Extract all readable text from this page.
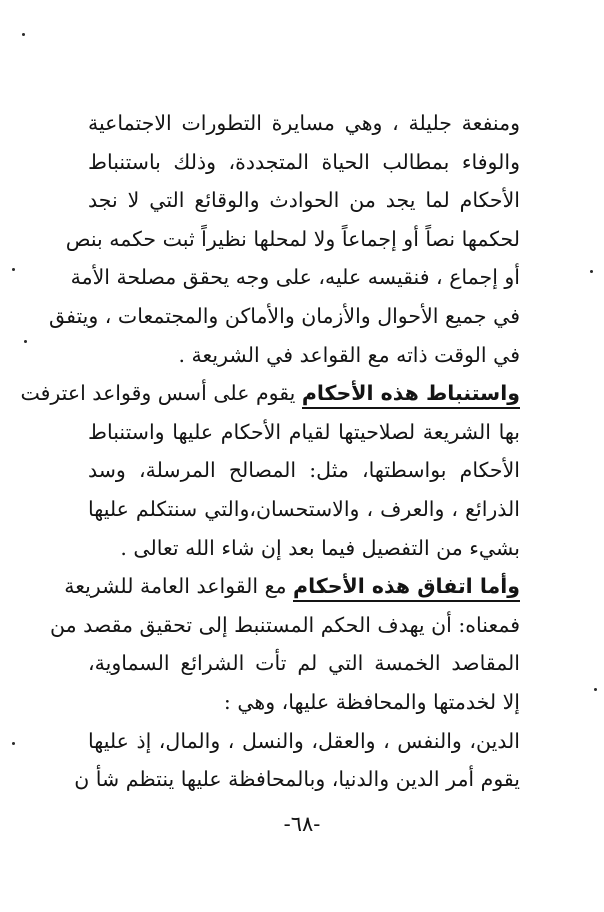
ومنفعة جليلة ، وهي مسايرة التطورات الاجتماعية
والوفاء بمطالب الحياة المتجددة، وذلك باستنباط
الأحكام لما يجد من الحوادث والوقائع التي لا نجد
لحكمها نصاً أو إجماعاً ولا لمحلها نظيراً ثبت حكمه بنص
أو إجماع ، فنقيسه عليه، على وجه يحقق مصلحة الأمة
في جميع الأحوال والأزمان والأماكن والمجتمعات ، ويتفق
في الوقت ذاته مع القواعد في الشريعة .
واستنباط هذه الأحكام يقوم على أسس وقواعد اعترفت
بها الشريعة لصلاحيتها لقيام الأحكام عليها واستنباط
الأحكام بواسطتها، مثل: المصالح المرسلة، وسد
الذرائع ، والعرف ، والاستحسان،والتي سنتكلم عليها
بشيء من التفصيل فيما بعد إن شاء الله تعالى .
وأما اتفاق هذه الأحكام مع القواعد العامة للشريعة
فمعناه: أن يهدف الحكم المستنبط إلى تحقيق مقصد من
المقاصد الخمسة التي لم تأت الشرائع السماوية،
إلا لخدمتها والمحافظة عليها، وهي :
الدين، والنفس ، والعقل، والنسل ، والمال، إذ عليها
يقوم أمر الدين والدنيا، وبالمحافظة عليها ينتظم شأ ن
-٦٨-
